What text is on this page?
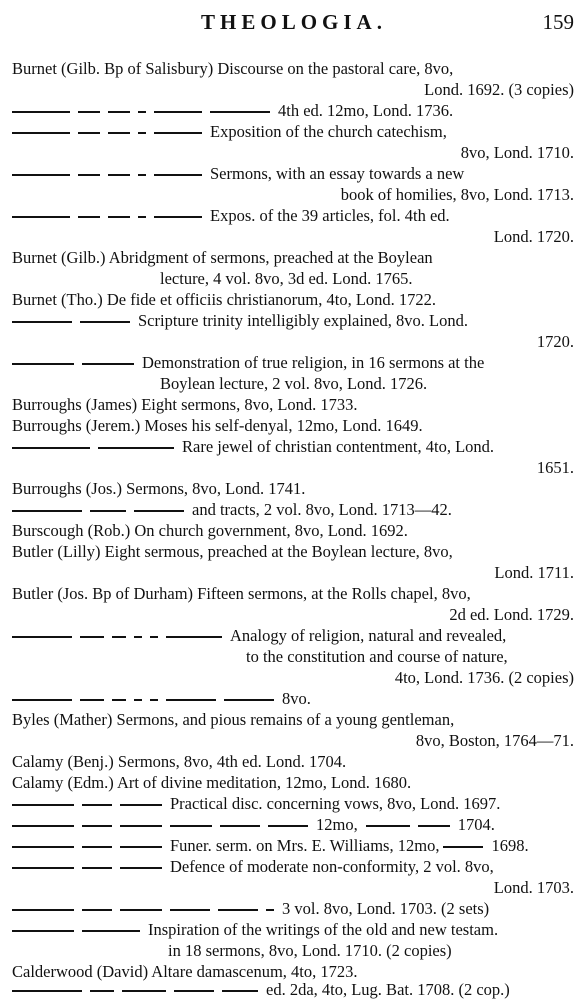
THEOLOGIA.	159
Burnet (Gilb. Bp of Salisbury) Discourse on the pastoral care, 8vo,
Lond. 1692. (3 copies)
4th ed. 12mo, Lond. 1736.
Exposition of the church catechism,
8vo, Lond. 1710.
Sermons, with an essay towards a new
book of homilies, 8vo, Lond. 1713.
Expos. of the 39 articles, fol. 4th ed.
Lond. 1720.
Burnet (Gilb.) Abridgment of sermons, preached at the Boylean
lecture, 4 vol. 8vo, 3d ed. Lond. 1765.
Burnet (Tho.) De fide et officiis christianorum, 4to, Lond. 1722.
Scripture trinity intelligibly explained, 8vo. Lond.
1720.
Demonstration of true religion, in 16 sermons at the
Boylean lecture, 2 vol. 8vo, Lond. 1726.
Burroughs (James) Eight sermons, 8vo, Lond. 1733.
Burroughs (Jerem.) Moses his self-denyal, 12mo, Lond. 1649.
Rare jewel of christian contentment, 4to, Lond.
1651.
Burroughs (Jos.) Sermons, 8vo, Lond. 1741.
and tracts, 2 vol. 8vo, Lond. 1713—42.
Burscough (Rob.) On church government, 8vo, Lond. 1692.
Butler (Lilly) Eight sermous, preached at the Boylean lecture, 8vo,
Lond. 1711.
Butler (Jos. Bp of Durham) Fifteen sermons, at the Rolls chapel, 8vo,
2d ed. Lond. 1729.
Analogy of religion, natural and revealed,
to the constitution and course of nature,
4to, Lond. 1736. (2 copies)
8vo.
Byles (Mather) Sermons, and pious remains of a young gentleman,
8vo, Boston, 1764—71.
Calamy (Benj.) Sermons, 8vo, 4th ed. Lond. 1704.
Calamy (Edm.) Art of divine meditation, 12mo, Lond. 1680.
Practical disc. concerning vows, 8vo, Lond. 1697.
12mo,	1704.
Funer. serm. on Mrs. E. Williams, 12mo,	1698.
Defence of moderate non-conformity, 2 vol. 8vo,
Lond. 1703.
3 vol. 8vo, Lond. 1703. (2 sets)
Inspiration of the writings of the old and new testam.
in 18 sermons, 8vo, Lond. 1710. (2 copies)
Calderwood (David) Altare damascenum, 4to, 1723.
ed. 2da, 4to, Lug. Bat. 1708. (2 cop.)
